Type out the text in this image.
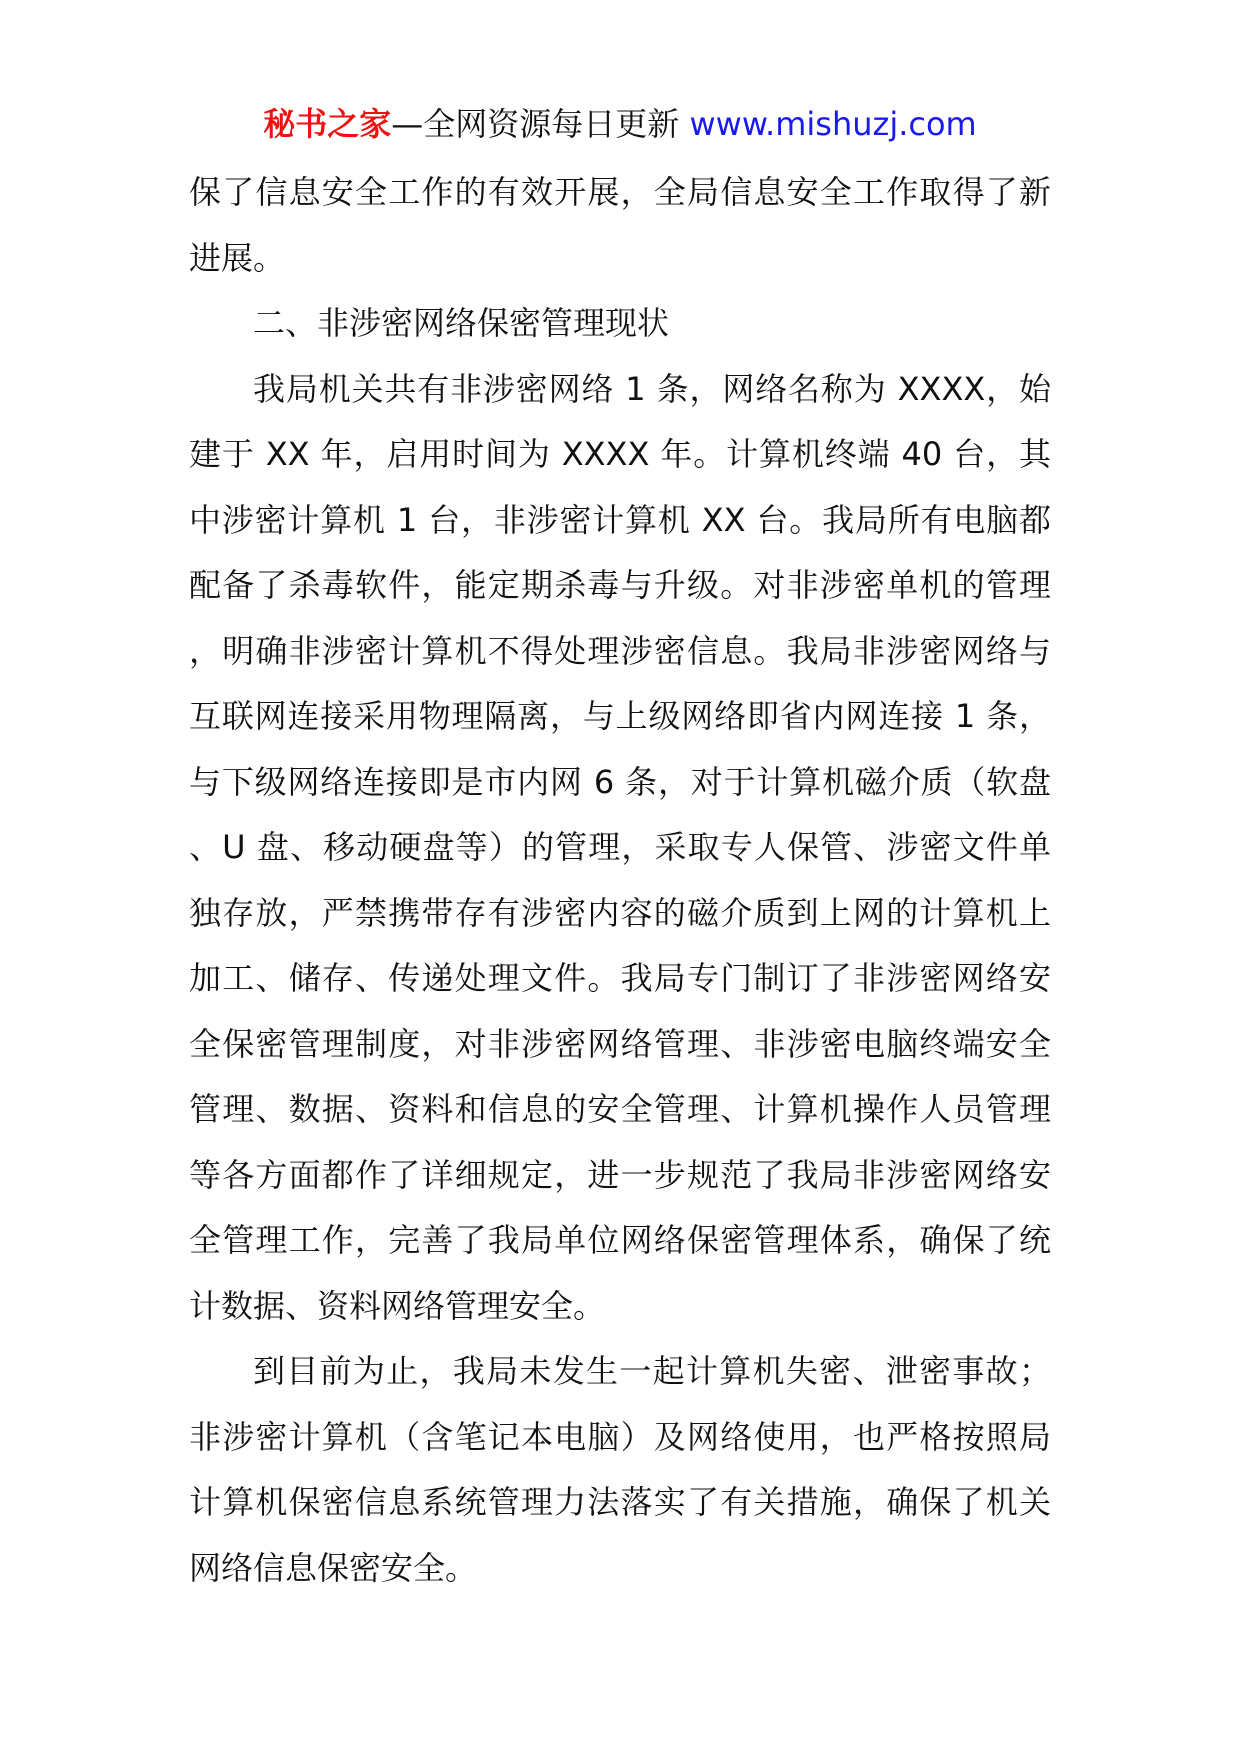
秘书之家—全网资源每日更新 www.mishuzj.com

保了信息安全工作的有效开展，全局信息安全工作取得了新进展。

二、非涉密网络保密管理现状

我局机关共有非涉密网络 1 条，网络名称为 XXXX，始建于 XX 年，启用时间为 XXXX 年。计算机终端 40 台，其中涉密计算机 1 台，非涉密计算机 XX 台。我局所有电脑都配备了杀毒软件，能定期杀毒与升级。对非涉密单机的管理，明确非涉密计算机不得处理涉密信息。我局非涉密网络与互联网连接采用物理隔离，与上级网络即省内网连接 1 条，与下级网络连接即是市内网 6 条，对于计算机磁介质（软盘、U 盘、移动硬盘等）的管理，采取专人保管、涉密文件单独存放，严禁携带存有涉密内容的磁介质到上网的计算机上加工、储存、传递处理文件。我局专门制订了非涉密网络安全保密管理制度，对非涉密网络管理、非涉密电脑终端安全管理、数据、资料和信息的安全管理、计算机操作人员管理等各方面都作了详细规定，进一步规范了我局非涉密网络安全管理工作，完善了我局单位网络保密管理体系，确保了统计数据、资料网络管理安全。

到目前为止，我局未发生一起计算机失密、泄密事故；非涉密计算机（含笔记本电脑）及网络使用，也严格按照局计算机保密信息系统管理力法落实了有关措施，确保了机关网络信息保密安全。
